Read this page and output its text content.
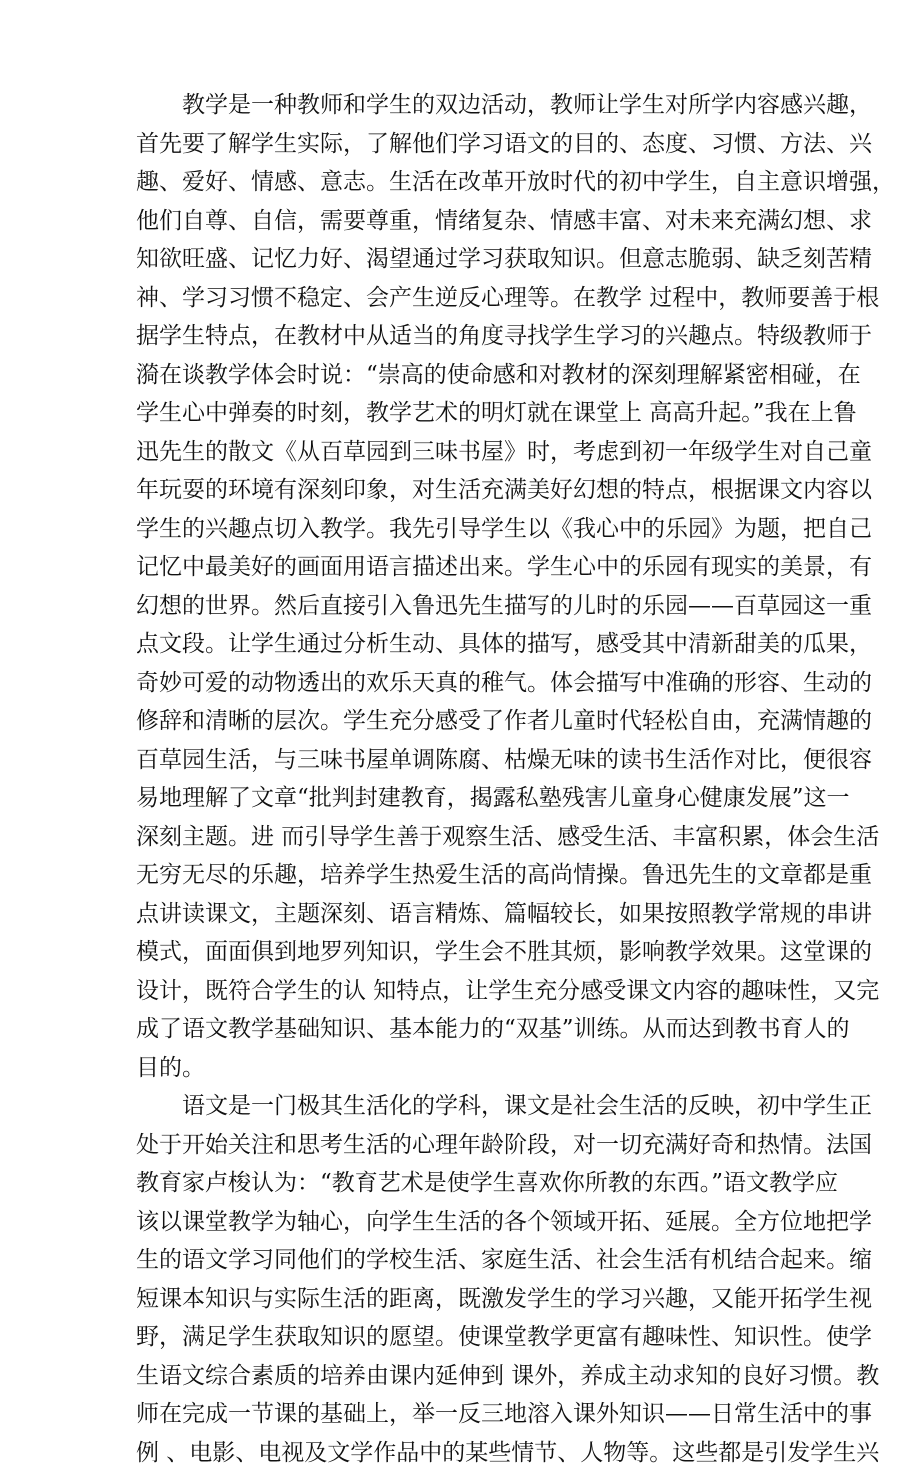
教学是一种教师和学生的双边活动，教师让学生对所学内容感兴趣，
首先要了解学生实际，了解他们学习语文的目的、态度、习惯、方法、兴
趣、爱好、情感、意志。生活在改革开放时代的初中学生，自主意识增强，
他们自尊、自信，需要尊重，情绪复杂、情感丰富、对未来充满幻想、求
知欲旺盛、记忆力好、渴望通过学习获取知识。但意志脆弱、缺乏刻苦精
神、学习习惯不稳定、会产生逆反心理等。在教学 过程中，教师要善于根
据学生特点，在教材中从适当的角度寻找学生学习的兴趣点。特级教师于
漪在谈教学体会时说：“崇高的使命感和对教材的深刻理解紧密相碰，在
学生心中弹奏的时刻，教学艺术的明灯就在课堂上 高高升起。”我在上鲁
迅先生的散文《从百草园到三味书屋》时，考虑到初一年级学生对自己童
年玩耍的环境有深刻印象，对生活充满美好幻想的特点，根据课文内容以
学生的兴趣点切入教学。我先引导学生以《我心中的乐园》为题，把自己
记忆中最美好的画面用语言描述出来。学生心中的乐园有现实的美景，有
幻想的世界。然后直接引入鲁迅先生描写的儿时的乐园——百草园这一重
点文段。让学生通过分析生动、具体的描写，感受其中清新甜美的瓜果，
奇妙可爱的动物透出的欢乐天真的稚气。体会描写中准确的形容、生动的
修辞和清晰的层次。学生充分感受了作者儿童时代轻松自由，充满情趣的
百草园生活，与三味书屋单调陈腐、枯燥无味的读书生活作对比，便很容
易地理解了文章“批判封建教育，揭露私塾残害儿童身心健康发展”这一
深刻主题。进 而引导学生善于观察生活、感受生活、丰富积累，体会生活
无穷无尽的乐趣，培养学生热爱生活的高尚情操。鲁迅先生的文章都是重
点讲读课文，主题深刻、语言精炼、篇幅较长，如果按照教学常规的串讲
模式，面面俱到地罗列知识，学生会不胜其烦，影响教学效果。这堂课的
设计，既符合学生的认 知特点，让学生充分感受课文内容的趣味性，又完
成了语文教学基础知识、基本能力的“双基”训练。从而达到教书育人的
目的。
语文是一门极其生活化的学科，课文是社会生活的反映，初中学生正
处于开始关注和思考生活的心理年龄阶段，对一切充满好奇和热情。法国
教育家卢梭认为：“教育艺术是使学生喜欢你所教的东西。”语文教学应
该以课堂教学为轴心，向学生生活的各个领域开拓、延展。全方位地把学
生的语文学习同他们的学校生活、家庭生活、社会生活有机结合起来。缩
短课本知识与实际生活的距离，既激发学生的学习兴趣，又能开拓学生视
野，满足学生获取知识的愿望。使课堂教学更富有趣味性、知识性。使学
生语文综合素质的培养由课内延伸到 课外，养成主动求知的良好习惯。教
师在完成一节课的基础上，举一反三地溶入课外知识——日常生活中的事
例 、电影、电视及文学作品中的某些情节、人物等。这些都是引发学生兴
